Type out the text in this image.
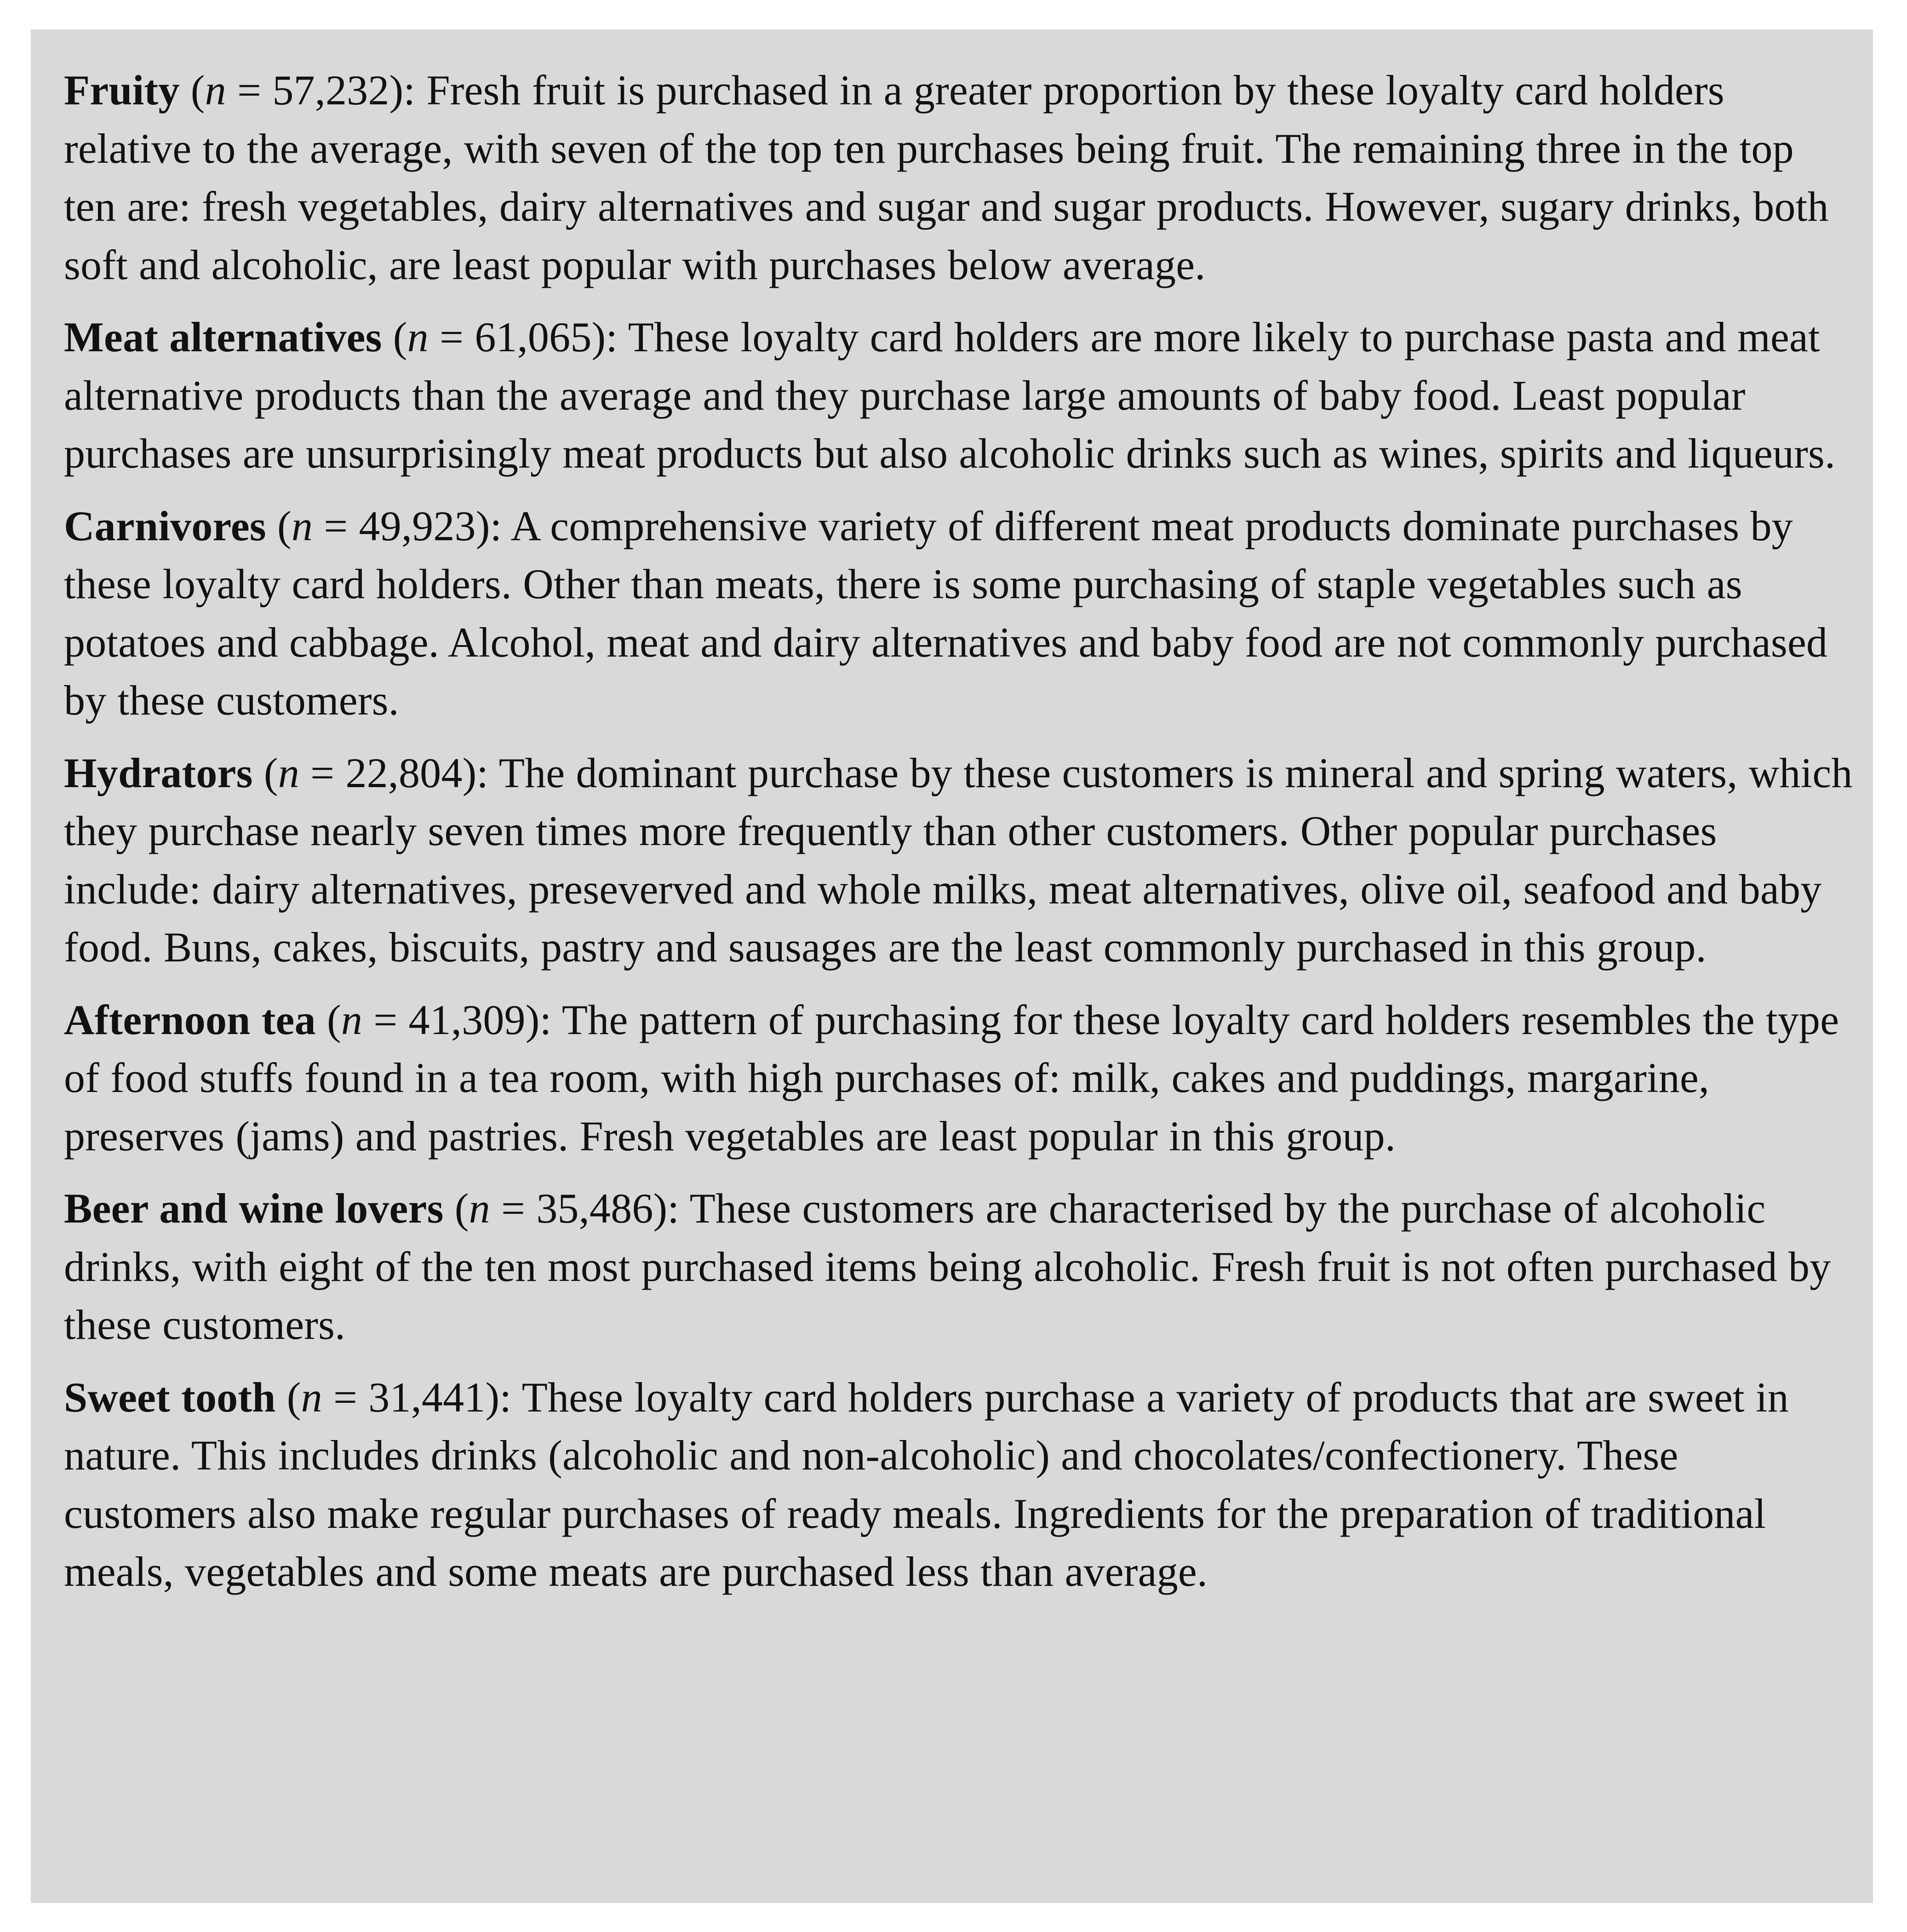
Fruity (n = 57,232): Fresh fruit is purchased in a greater proportion by these loyalty card holders relative to the average, with seven of the top ten purchases being fruit. The remaining three in the top ten are: fresh vegetables, dairy alternatives and sugar and sugar products. However, sugary drinks, both soft and alcoholic, are least popular with purchases below average.

Meat alternatives (n = 61,065): These loyalty card holders are more likely to purchase pasta and meat alternative products than the average and they purchase large amounts of baby food. Least popular purchases are unsurprisingly meat products but also alcoholic drinks such as wines, spirits and liqueurs.

Carnivores (n = 49,923): A comprehensive variety of different meat products dominate purchases by these loyalty card holders. Other than meats, there is some purchasing of staple vegetables such as potatoes and cabbage. Alcohol, meat and dairy alternatives and baby food are not commonly purchased by these customers.

Hydrators (n = 22,804): The dominant purchase by these customers is mineral and spring waters, which they purchase nearly seven times more frequently than other customers. Other popular purchases include: dairy alternatives, preseverved and whole milks, meat alternatives, olive oil, seafood and baby food. Buns, cakes, biscuits, pastry and sausages are the least commonly purchased in this group.

Afternoon tea (n = 41,309): The pattern of purchasing for these loyalty card holders resembles the type of food stuffs found in a tea room, with high purchases of: milk, cakes and puddings, margarine, preserves (jams) and pastries. Fresh vegetables are least popular in this group.

Beer and wine lovers (n = 35,486): These customers are characterised by the purchase of alcoholic drinks, with eight of the ten most purchased items being alcoholic. Fresh fruit is not often purchased by these customers.

Sweet tooth (n = 31,441): These loyalty card holders purchase a variety of products that are sweet in nature. This includes drinks (alcoholic and non-alcoholic) and chocolates/confectionery. These customers also make regular purchases of ready meals. Ingredients for the preparation of traditional meals, vegetables and some meats are purchased less than average.
